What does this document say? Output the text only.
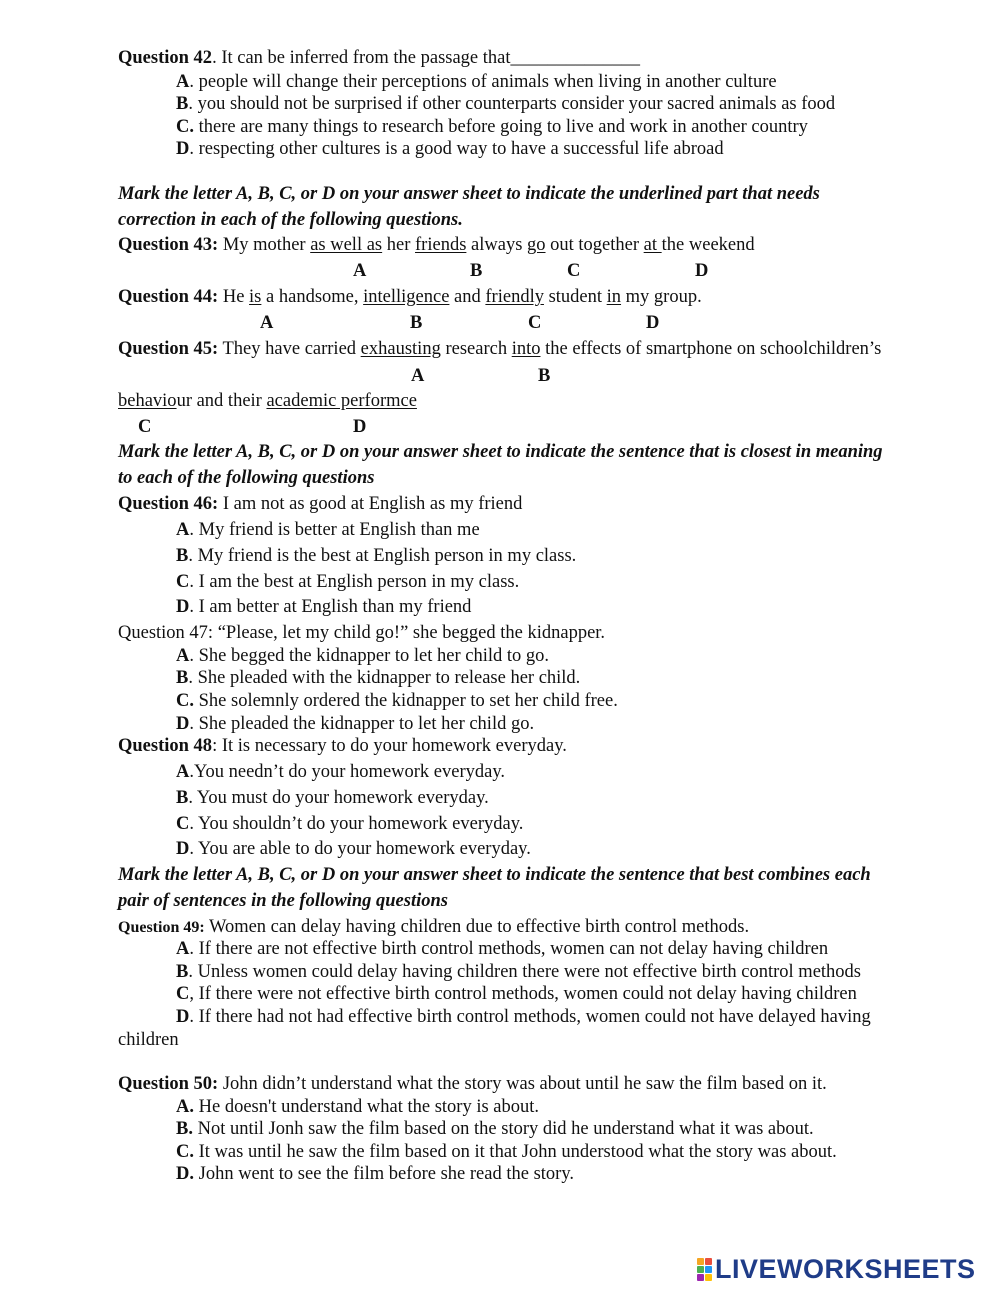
Question 42. It can be inferred from the passage that______________
A. people will change their perceptions of animals when living in another culture
B. you should not be surprised if other counterparts consider your sacred animals as food
C. there are many things to research before going to live and work in another country
D. respecting other cultures is a good way to have a successful life abroad
Mark the letter A, B, C, or D on your answer sheet to indicate the underlined part that needs
correction in each of the following questions.
Question 43: My mother as well as her friends always go out together at the weekend
A	B	C	D
Question 44: He is a handsome, intelligence and friendly student in my group.
A	B	C	D
Question 45: They have carried exhausting research into the effects of smartphone on schoolchildren’s
A	B
behaviour and their academic performce
C	D
Mark the letter A, B, C, or D on your answer sheet to indicate the sentence that is closest in meaning
to each of the following questions
Question 46: I am not as good at English as my friend
A. My friend is better at English than me
B. My friend is the best at English person in my class.
C. I am the best at English person in my class.
D. I am better at English than my friend
Question 47: “Please, let my child go!” she begged the kidnapper.
A. She begged the kidnapper to let her child to go.
B. She pleaded with the kidnapper to release her child.
C. She solemnly ordered the kidnapper to set her child free.
D. She pleaded the kidnapper to let her child go.
Question 48: It is necessary to do your homework everyday.
A.You needn’t do your homework everyday.
B. You must do your homework everyday.
C. You shouldn’t do your homework everyday.
D. You are able to do your homework everyday.
Mark the letter A, B, C, or D on your answer sheet to indicate the sentence that best combines each
pair of sentences in the following questions
Question 49: Women can delay having children due to effective birth control methods.
A. If there are not effective birth control methods, women can not delay having children
B. Unless women could delay having children there were not effective birth control methods
C, If there were not effective birth control methods, women could not delay having children
D. If there had not had effective birth control methods, women could not have delayed having
children
Question 50: John didn’t understand what the story was about until he saw the film based on it.
A. He doesn't understand what the story is about.
B. Not until Jonh saw the film based on the story did he understand what it was about.
C. It was until he saw the film based on it that John understood what the story was about.
D. John went to see the film before she read the story.
LIVEWORKSHEETS
